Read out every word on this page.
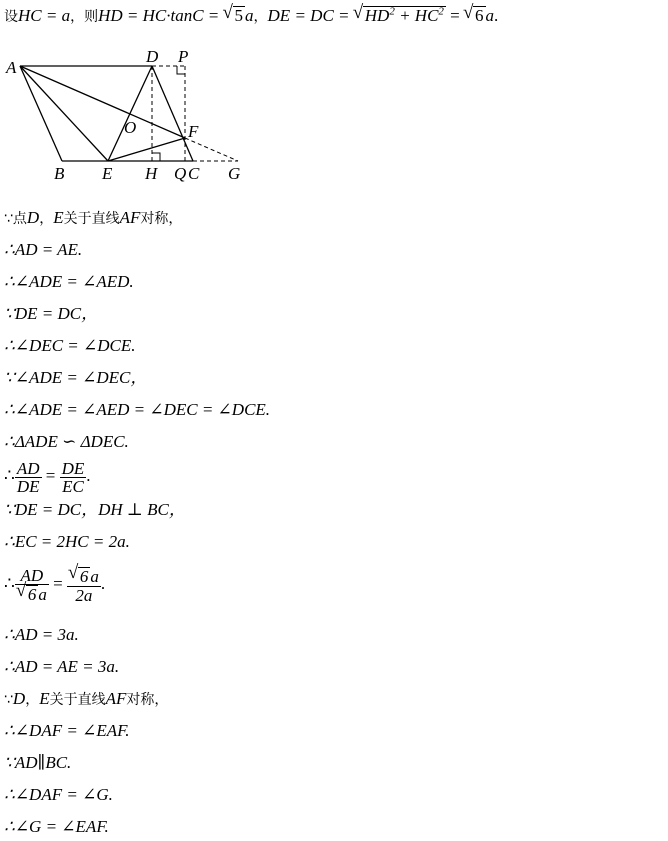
设HC = a，则HD = HC·tanC = √ 5 a，DE = DC = √ $HD^2 + HC^2$ = √ 6 a.
A
D P
O	F
B E H Q C G
∵点D，E关于直线AF对称，
∴AD = AE.
∴∠ADE = ∠AED.
∵DE = DC，
∴∠DEC = ∠DCE.
∵∠ADE = ∠DEC，
∴∠ADE = ∠AED = ∠DEC = ∠DCE.
∴ΔADE ∽ ΔDEC.
∴ $\frac{AD}{DE} = \frac{DE}{EC}$ .
∵DE = DC，DH ⊥ BC，
∴EC = 2HC = 2a.
∴ AD
√ 6 a =
√ $\frac{6 a}{2a}$ .
∴AD = 3a.
∴AD = AE = 3a.
∵D，E关于直线AF对称，
∴∠DAF = ∠EAF.
∵AD∥BC.
∴∠DAF = ∠G.
∴∠G = ∠EAF.
